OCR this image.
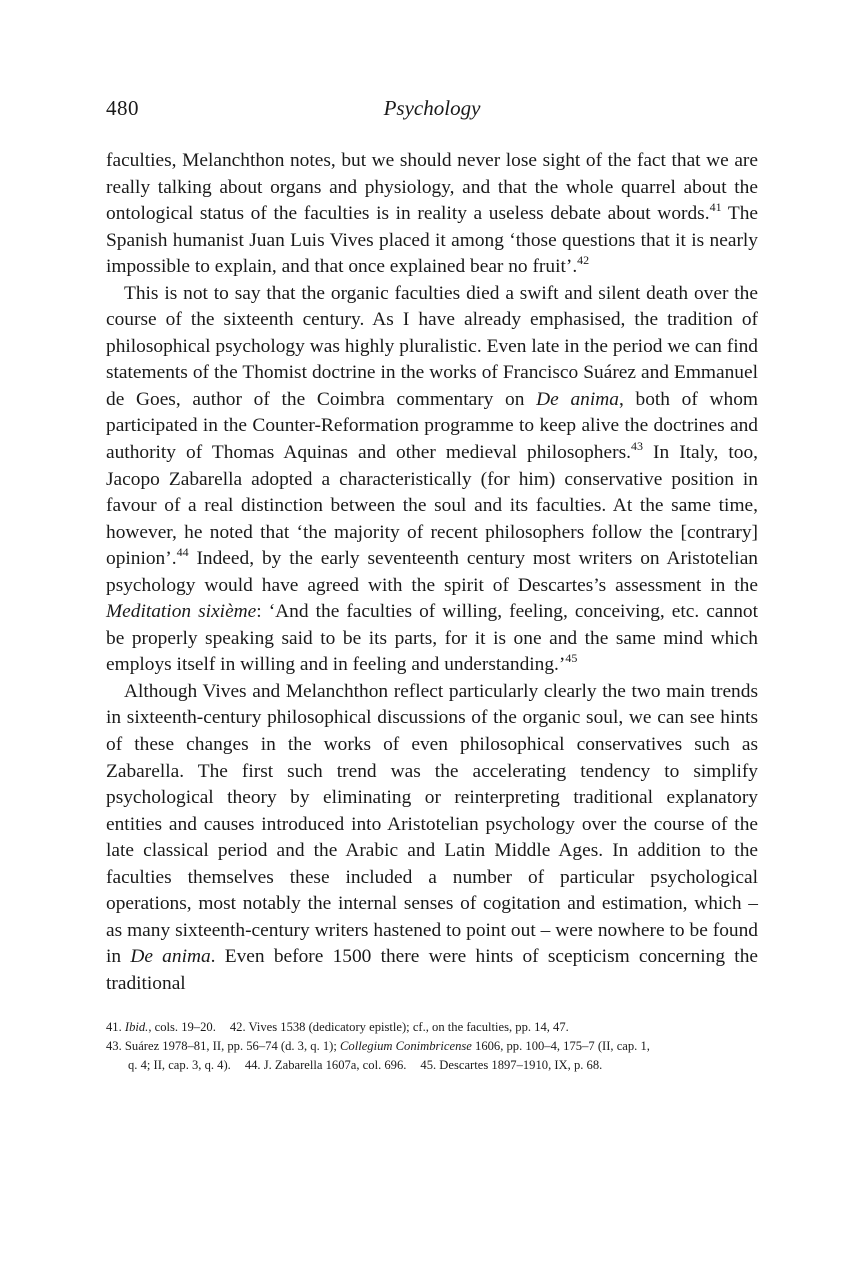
480	Psychology

faculties, Melanchthon notes, but we should never lose sight of the fact that we are really talking about organs and physiology, and that the whole quarrel about the ontological status of the faculties is in reality a useless debate about words.$^{41}$ The Spanish humanist Juan Luis Vives placed it among ‘those questions that it is nearly impossible to explain, and that once explained bear no fruit’.$^{42}$

This is not to say that the organic faculties died a swift and silent death over the course of the sixteenth century. As I have already emphasised, the tradition of philosophical psychology was highly pluralistic. Even late in the period we can find statements of the Thomist doctrine in the works of Francisco Suárez and Emmanuel de Goes, author of the Coimbra commentary on De anima, both of whom participated in the Counter-Reformation programme to keep alive the doctrines and authority of Thomas Aquinas and other medieval philosophers.$^{43}$ In Italy, too, Jacopo Zabarella adopted a characteristically (for him) conservative position in favour of a real distinction between the soul and its faculties. At the same time, however, he noted that ‘the majority of recent philosophers follow the [contrary] opinion’.$^{44}$ Indeed, by the early seventeenth century most writers on Aristotelian psychology would have agreed with the spirit of Descartes’s assessment in the Meditation sixième: ‘And the faculties of willing, feeling, conceiving, etc. cannot be properly speaking said to be its parts, for it is one and the same mind which employs itself in willing and in feeling and understanding.’$^{45}$

Although Vives and Melanchthon reflect particularly clearly the two main trends in sixteenth-century philosophical discussions of the organic soul, we can see hints of these changes in the works of even philosophical conservatives such as Zabarella. The first such trend was the accelerating tendency to simplify psychological theory by eliminating or reinterpreting traditional explanatory entities and causes introduced into Aristotelian psychology over the course of the late classical period and the Arabic and Latin Middle Ages. In addition to the faculties themselves these included a number of particular psychological operations, most notably the internal senses of cogitation and estimation, which – as many sixteenth-century writers hastened to point out – were nowhere to be found in De anima. Even before 1500 there were hints of scepticism concerning the traditional

41. Ibid., cols. 19–20. 42. Vives 1538 (dedicatory epistle); cf., on the faculties, pp. 14, 47.

43. Suárez 1978–81, II, pp. 56–74 (d. 3, q. 1); Collegium Conimbricense 1606, pp. 100–4, 175–7 (II, cap. 1,

q. 4; II, cap. 3, q. 4). 44. J. Zabarella 1607a, col. 696. 45. Descartes 1897–1910, IX, p. 68.
